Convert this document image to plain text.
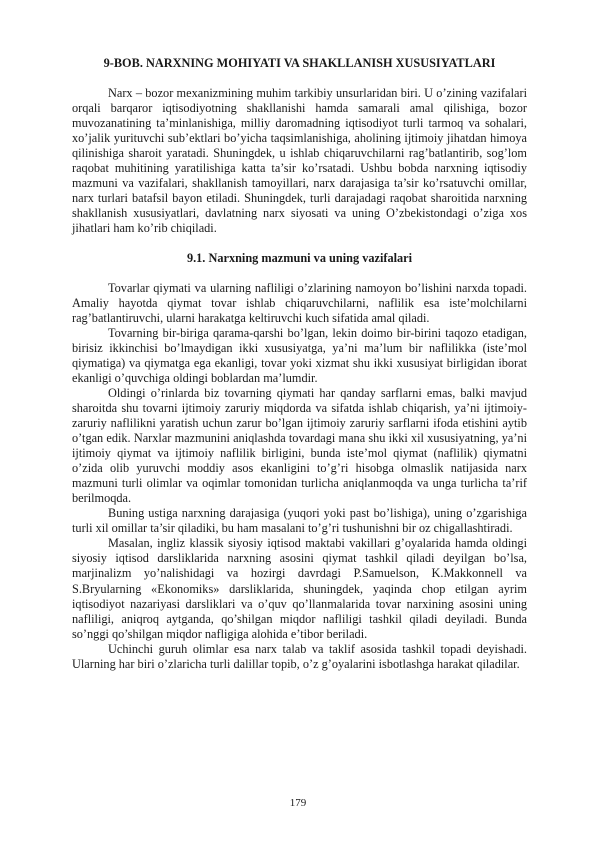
9-BOB. NARXNING MOHIYATI VA SHAKLLANISH XUSUSIYATLARI

Narx – bozor mexanizmining muhim tarkibiy unsurlaridan biri. U o’zining vazifalari orqali barqaror iqtisodiyotning shakllanishi hamda samarali amal qilishiga, bozor muvozanatining ta’minlanishiga, milliy daromadning iqtisodiyot turli tarmoq va sohalari, xo’jalik yurituvchi sub’ektlari bo’yicha taqsimlanishiga, aholining ijtimoiy jihatdan himoya qilinishiga sharoit yaratadi. Shuningdek, u ishlab chiqaruvchilarni rag’batlantirib, sog’lom raqobat muhitining yaratilishiga katta ta’sir ko’rsatadi. Ushbu bobda narxning iqtisodiy mazmuni va vazifalari, shakllanish tamoyillari, narx darajasiga ta’sir ko’rsatuvchi omillar, narx turlari batafsil bayon etiladi. Shuningdek, turli darajadagi raqobat sharoitida narxning shakllanish xususiyatlari, davlatning narx siyosati va uning O’zbekistondagi o’ziga xos jihatlari ham ko’rib chiqiladi.

9.1. Narxning mazmuni va uning vazifalari

Tovarlar qiymati va ularning nafliligi o’zlarining namoyon bo’lishini narxda topadi. Amaliy hayotda qiymat tovar ishlab chiqaruvchilarni, naflilik esa iste’molchilarni rag’batlantiruvchi, ularni harakatga keltiruvchi kuch sifatida amal qiladi.

Tovarning bir-biriga qarama-qarshi bo’lgan, lekin doimo bir-birini taqozo etadigan, birisiz ikkinchisi bo’lmaydigan ikki xususiyatga, ya’ni ma’lum bir naflilikka (iste’mol qiymatiga) va qiymatga ega ekanligi, tovar yoki xizmat shu ikki xususiyat birligidan iborat ekanligi o’quvchiga oldingi boblardan ma’lumdir.

Oldingi o’rinlarda biz tovarning qiymati har qanday sarflarni emas, balki mavjud sharoitda shu tovarni ijtimoiy zaruriy miqdorda va sifatda ishlab chiqarish, ya’ni ijtimoiy-zaruriy naflilikni yaratish uchun zarur bo’lgan ijtimoiy zaruriy sarflarni ifoda etishini aytib o’tgan edik. Narxlar mazmunini aniqlashda tovardagi mana shu ikki xil xususiyatning, ya’ni ijtimoiy qiymat va ijtimoiy naflilik birligini, bunda iste’mol qiymat (naflilik) qiymatni o’zida olib yuruvchi moddiy asos ekanligini to’g’ri hisobga olmaslik natijasida narx mazmuni turli olimlar va oqimlar tomonidan turlicha aniqlanmoqda va unga turlicha ta’rif berilmoqda.

Buning ustiga narxning darajasiga (yuqori yoki past bo’lishiga), uning o’zgarishiga turli xil omillar ta’sir qiladiki, bu ham masalani to’g’ri tushunishni bir oz chigallashtiradi.

Masalan, ingliz klassik siyosiy iqtisod maktabi vakillari g’oyalarida hamda oldingi siyosiy iqtisod darsliklarida narxning asosini qiymat tashkil qiladi deyilgan bo’lsa, marjinalizm yo’nalishidagi va hozirgi davrdagi P.Samuelson, K.Makkonnell va S.Bryularning «Ekonomiks» darsliklarida, shuningdek, yaqinda chop etilgan ayrim iqtisodiyot nazariyasi darsliklari va o’quv qo’llanmalarida tovar narxining asosini uning nafliligi, aniqroq aytganda, qo’shilgan miqdor nafliligi tashkil qiladi deyiladi. Bunda so’nggi qo’shilgan miqdor nafligiga alohida e’tibor beriladi.

Uchinchi guruh olimlar esa narx talab va taklif asosida tashkil topadi deyishadi. Ularning har biri o’zlaricha turli dalillar topib, o’z g’oyalarini isbotlashga harakat qiladilar.

179
